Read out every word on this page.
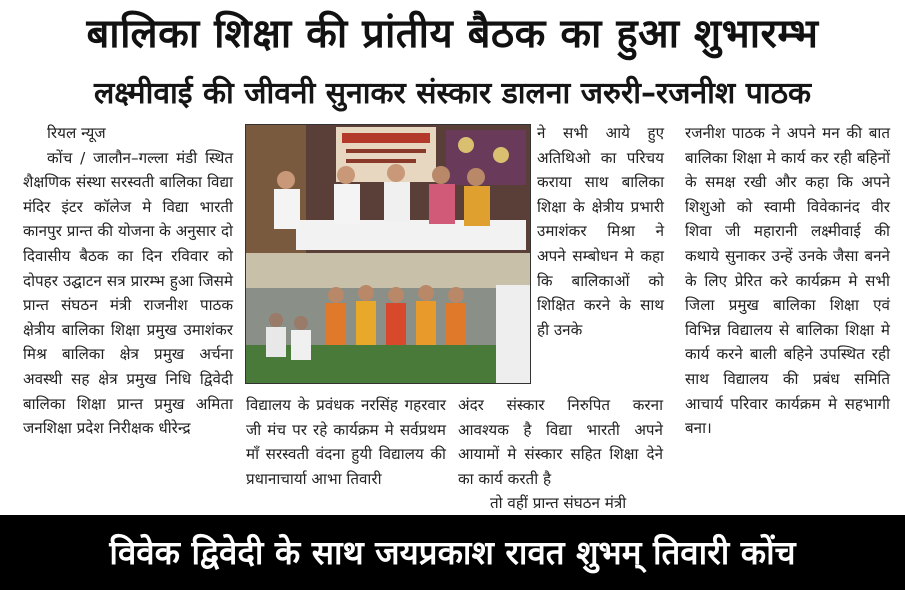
बालिका शिक्षा की प्रांतीय बैठक का हुआ शुभारम्भ
लक्ष्मीवाई की जीवनी सुनाकर संस्कार डालना जरुरी–रजनीश पाठक

रियल न्यूज

कोंच / जालौन–गल्ला मंडी स्थित शैक्षणिक संस्था सरस्वती बालिका विद्या मंदिर इंटर कॉलेज मे विद्या भारती कानपुर प्रान्त की योजना के अनुसार दो दिवासीय बैठक का दिन रविवार को दोपहर उद्घाटन सत्र प्रारम्भ हुआ जिसमे प्रान्त संघठन मंत्री राजनीश पाठक क्षेत्रीय बालिका शिक्षा प्रमुख उमाशंकर मिश्र बालिका क्षेत्र प्रमुख अर्चना अवस्थी सह क्षेत्र प्रमुख निधि द्विवेदी बालिका शिक्षा प्रान्त प्रमुख अमिता जनशिक्षा प्रदेश निरीक्षक धीरेन्द्र

ने सभी आये हुए अतिथिओ का परिचय कराया साथ बालिका शिक्षा के क्षेत्रीय प्रभारी उमाशंकर मिश्रा ने अपने सम्बोधन मे कहा कि बालिकाओं को शिक्षित करने के साथ ही उनके

विद्यालय के प्रवंधक नरसिंह गहरवार जी मंच पर रहे कार्यक्रम मे सर्वप्रथम माँ सरस्वती वंदना हुयी विद्यालय की प्रधानाचार्या आभा तिवारी

अंदर संस्कार निरुपित करना आवश्यक है विद्या भारती अपने आयामों मे संस्कार सहित शिक्षा देने का कार्य करती है

तो वहीं प्रान्त संघठन मंत्री

रजनीश पाठक ने अपने मन की बात बालिका शिक्षा मे कार्य कर रही बहिनों के समक्ष रखी और कहा कि अपने शिशुओ को स्वामी विवेकानंद वीर शिवा जी महारानी लक्ष्मीवाई की कथाये सुनाकर उन्हें उनके जैसा बनने के लिए प्रेरित करे कार्यक्रम मे सभी जिला प्रमुख बालिका शिक्षा एवं विभिन्न विद्यालय से बालिका शिक्षा मे कार्य करने बाली बहिने उपस्थित रही साथ विद्यालय की प्रबंध समिति आचार्य परिवार कार्यक्रम मे सहभागी बना।

विवेक द्विवेदी के साथ जयप्रकाश रावत शुभम् तिवारी कोंच
